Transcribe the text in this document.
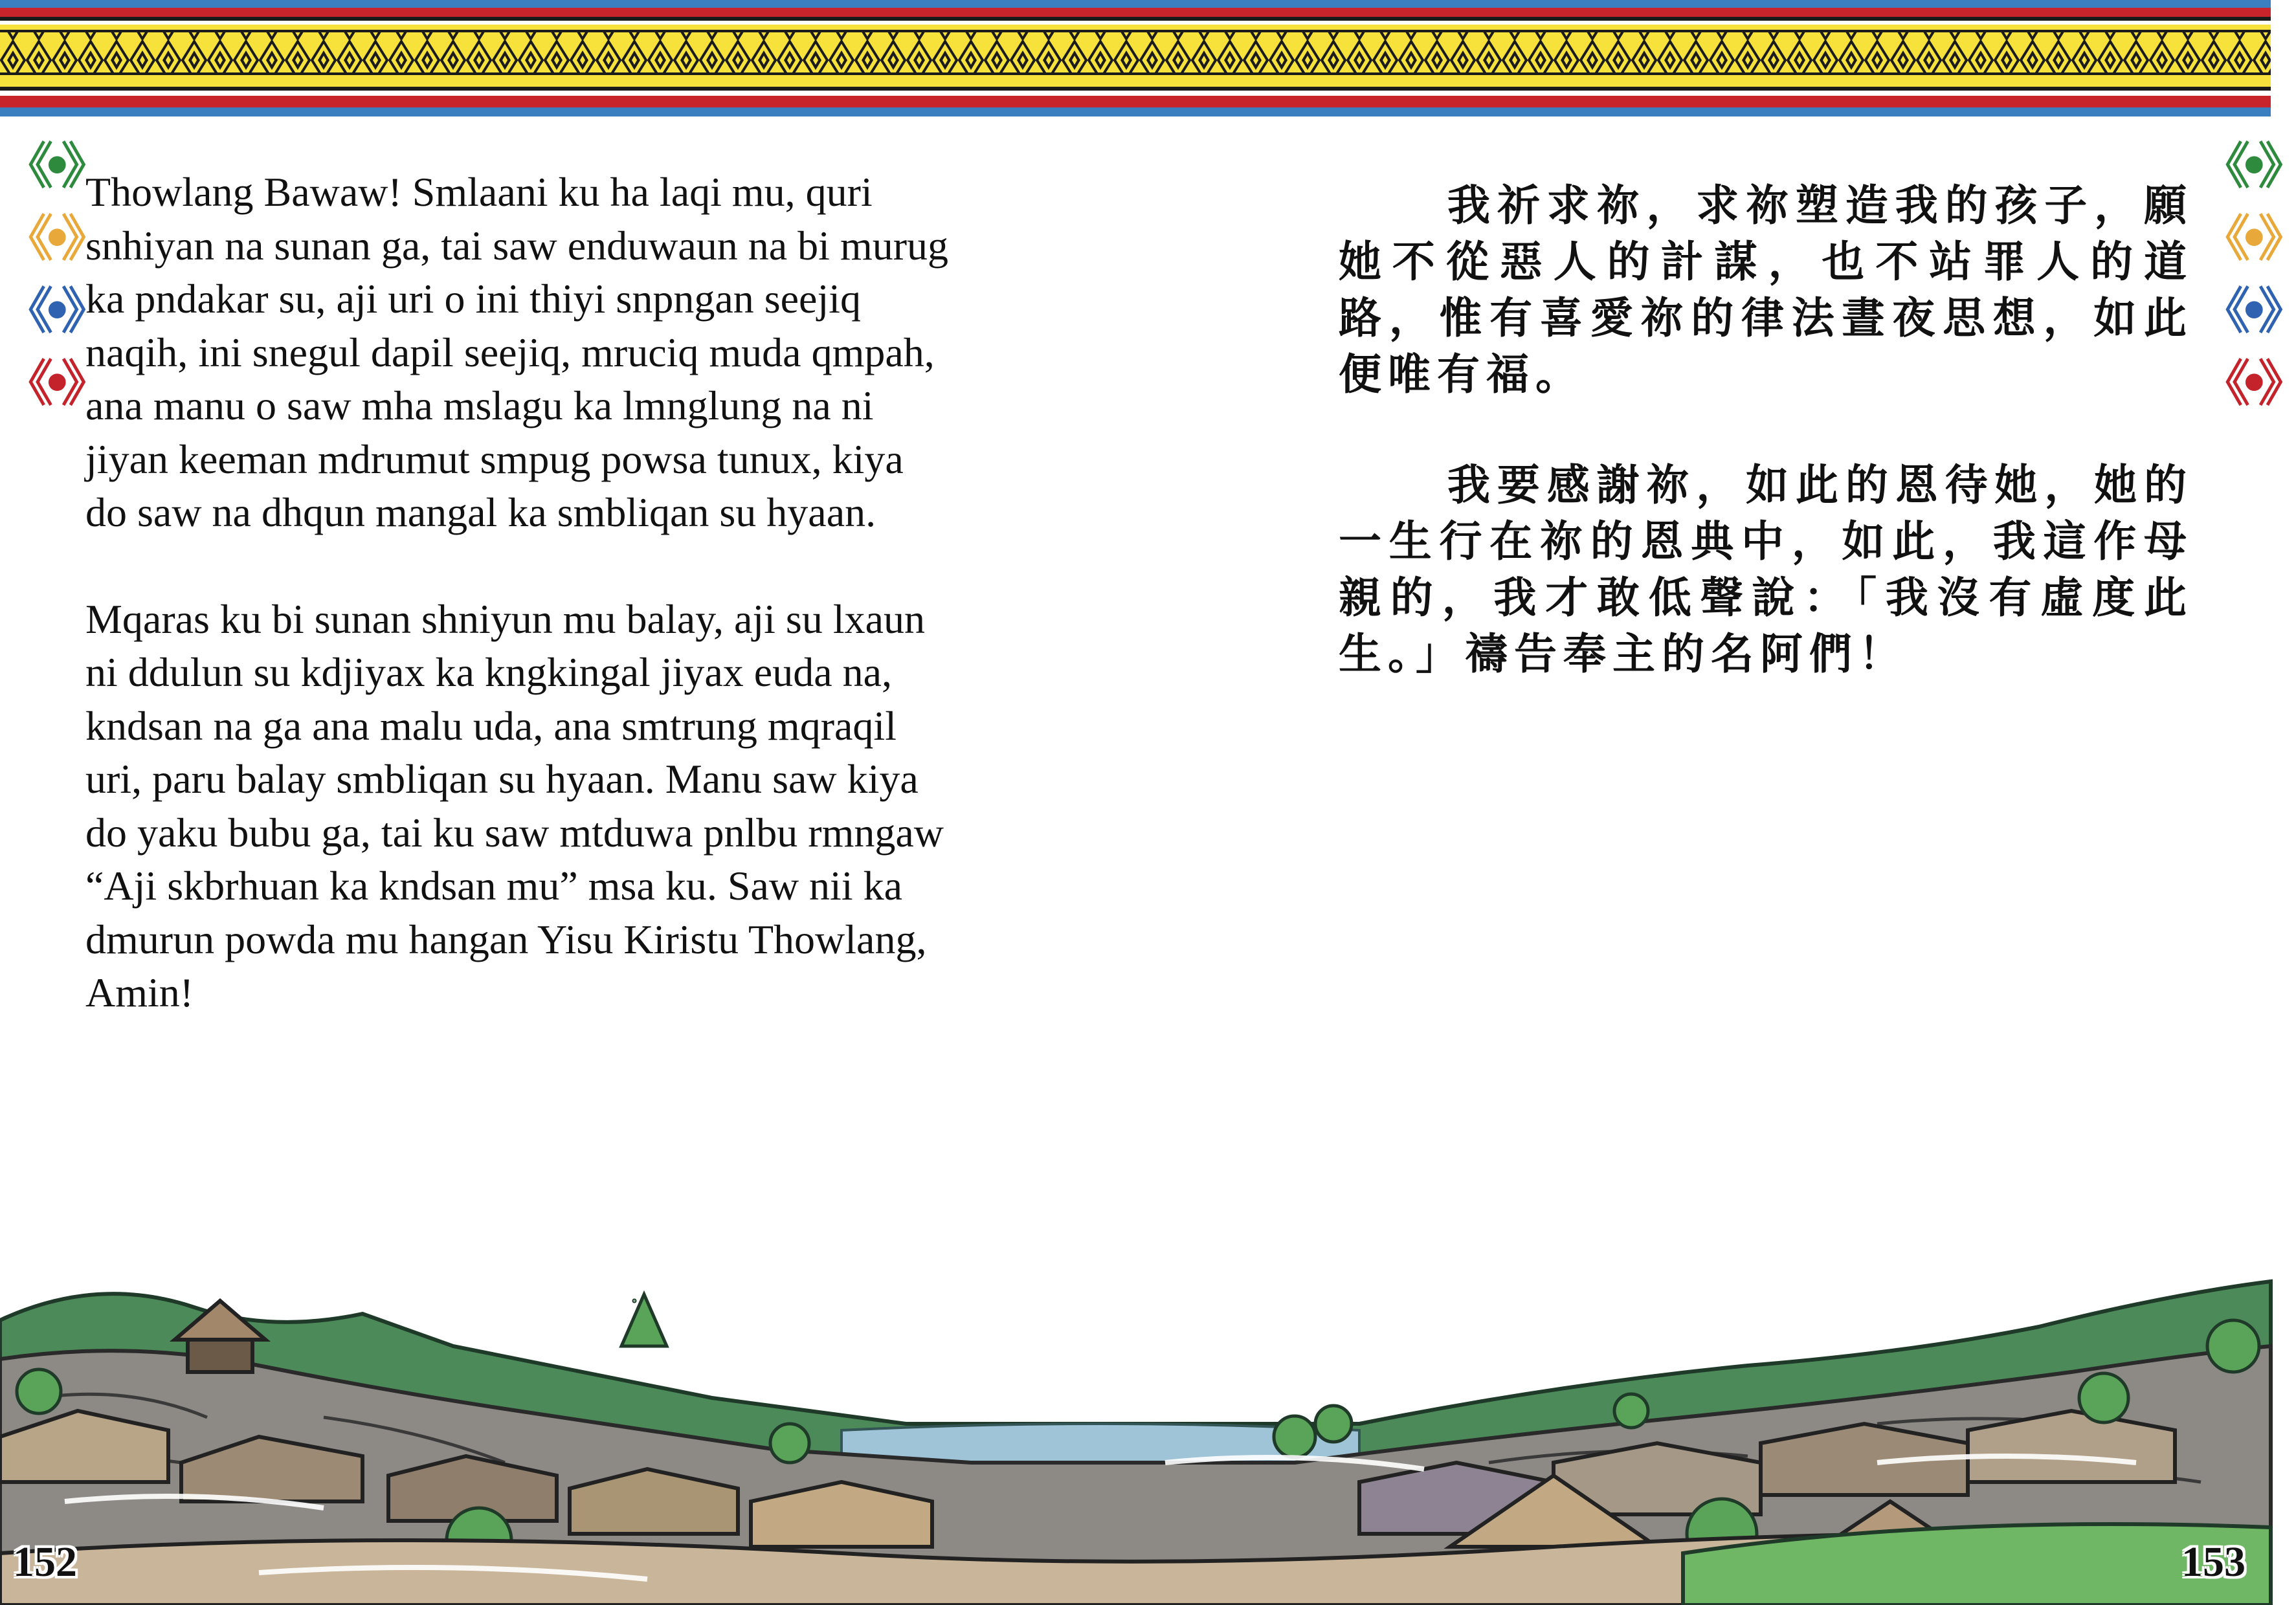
《•》
《•》
《•》
《•》
《•》
《•》
《•》
《•》

Thowlang Bawaw! Smlaani ku ha laqi mu, quri snhiyan na sunan ga, tai saw enduwaun na bi murug ka pndakar su, aji uri o ini thiyi snpngan seejiq naqih, ini snegul dapil seejiq, mruciq muda qmpah, ana manu o saw mha mslagu ka lmnglung na ni jiyan keeman mdrumut smpug powsa tunux, kiya do saw na dhqun mangal ka smbliqan su hyaan.

Mqaras ku bi sunan shniyun mu balay, aji su lxaun ni ddulun su kdjiyax ka kngkingal jiyax euda na, kndsan na ga ana malu uda, ana smtrung mqraqil uri, paru balay smbliqan su hyaan. Manu saw kiya do yaku bubu ga, tai ku saw mtduwa pnlbu rmngaw “Aji skbrhuan ka kndsan mu” msa ku. Saw nii ka dmurun powda mu hangan Yisu Kiristu Thowlang, Amin!

我祈求祢，求祢塑造我的孩子，願她不從惡人的計謀，也不站罪人的道路，惟有喜愛祢的律法晝夜思想，如此便唯有福。

我要感謝祢，如此的恩待她，她的一生行在祢的恩典中，如此，我這作母親的，我才敢低聲說：「我沒有虛度此生。」禱告奉主的名阿們！

152	153
